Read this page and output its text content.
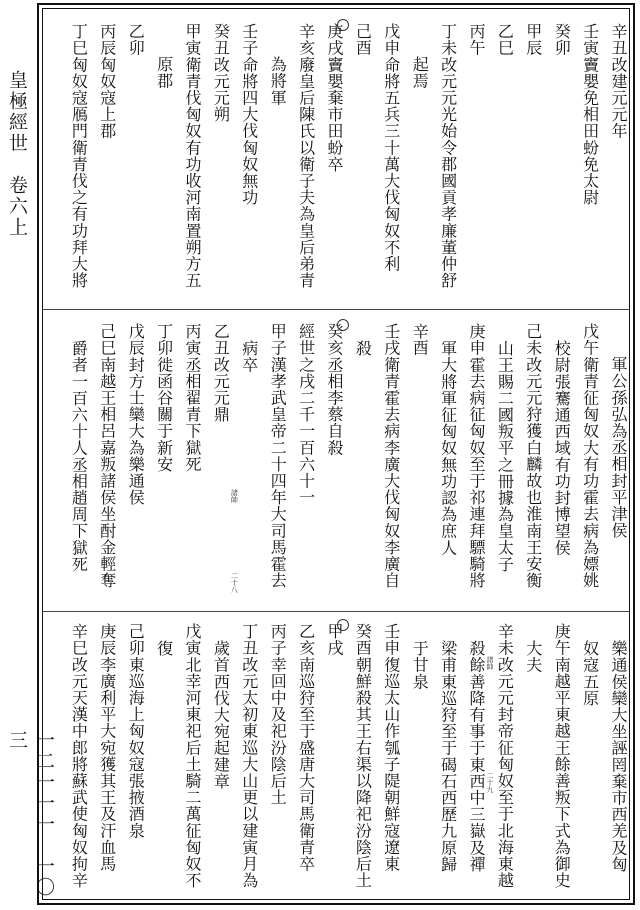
皇極經世　卷六上
一二一一一　一〇三
辛丑改建元元年
壬寅竇嬰免相田蚡免太尉
癸卯
甲辰
乙巳
丙午
丁未改元元光始令郡國貢孝廉董仲舒
起焉
戊申命將五兵三十萬大伐匈奴不利
己酉
庚戌竇嬰棄市田蚡卒
辛亥廢皇后陳氏以衛子夫為皇后弟青
為將軍
壬子命將四大伐匈奴無功
癸丑改元元朔
甲寅衛青伐匈奴有功收河南置朔方五
原郡
乙卯
丙辰匈奴寇上郡
丁巳匈奴寇鴈門衛青伐之有功拜大將
軍公孫弘為丞相封平津侯
戊午衛青征匈奴大有功霍去病為嫖姚
校尉張騫通西域有功封博望侯
己未改元元狩獲白麟故也淮南王安衡
山王賜二國叛平之冊據為皇太子
庚申霍去病征匈奴至于祁連拜驃騎將
軍大將軍征匈奴無功認為庶人
辛酉
壬戌衛青霍去病李廣大伐匈奴李廣自
殺
癸亥丞相李蔡自殺
經世之戌二千一百六十一
甲子漢孝武皇帝二十四年大司馬霍去
病卒
乙丑改元元鼎
丙寅丞相翟青下獄死
丁卯徙函谷關于新安
戊辰封方士欒大為樂通侯
己巳南越王相呂嘉叛諸侯坐酎金輕奪
爵者一百六十人丞相趙周下獄死	諸帥
二十八
樂通侯欒大坐誣罔棄市西羌及匈
奴寇五原
庚午南越平東越王餘善叛下式為御史
大夫
辛未改元元封帝征匈奴至于北海東越
殺餘善降有事于東西中三嶽及禪
梁甫東巡狩至于碣石西歷九原歸
于甘泉
壬申復巡太山作瓠子隄朝鮮寇遼東
癸酉朝鮮殺其王右渠以降祀汾陰后土
甲戌
乙亥南巡狩至于盛唐大司馬衛青卒
丙子幸回中及祀汾陰后土
丁丑改元太初東巡大山更以建寅月為
歲首西伐大宛起建章
戊寅北幸河東祀后土騎二萬征匈奴不
復
己卯東巡海上匈奴寇張掖酒泉
庚辰李廣利平大宛獲其王及汗血馬
辛巳改元天漢中郎將蘇武使匈奴拘辛	諸帥
二十九
